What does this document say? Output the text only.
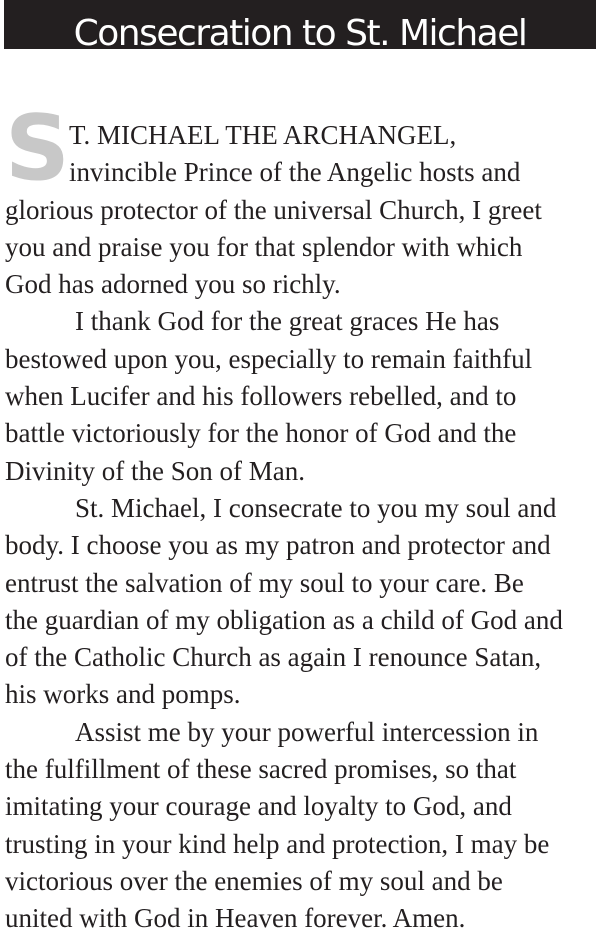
Consecration to St. Michael
S T. MICHAEL THE ARCHANGEL,
invincible Prince of the Angelic hosts and
glorious protector of the universal Church, I greet
you and praise you for that splendor with which
God has adorned you so richly.
I thank God for the great graces He has
bestowed upon you, especially to remain faithful
when Lucifer and his followers rebelled, and to
battle victoriously for the honor of God and the
Divinity of the Son of Man.
St. Michael, I consecrate to you my soul and
body. I choose you as my patron and protector and
entrust the salvation of my soul to your care. Be
the guardian of my obligation as a child of God and
of the Catholic Church as again I renounce Satan,
his works and pomps.
Assist me by your powerful intercession in
the fulfillment of these sacred promises, so that
imitating your courage and loyalty to God, and
trusting in your kind help and protection, I may be
victorious over the enemies of my soul and be
united with God in Heaven forever. Amen.
